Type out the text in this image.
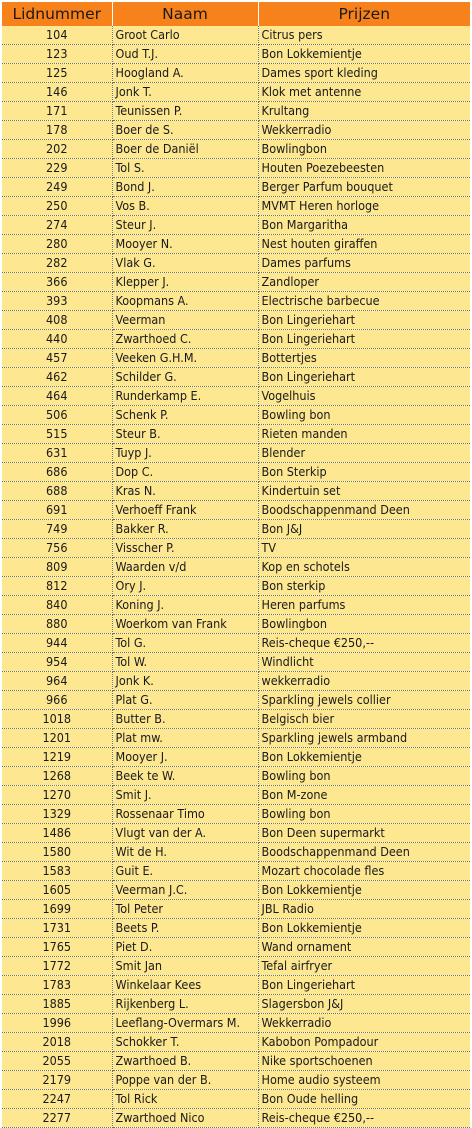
Lidnummer	Naam	Prijzen
104	Groot Carlo	Citrus pers
123	Oud T.J.	Bon Lokkemientje
125	Hoogland A.	Dames sport kleding
146	Jonk T.	Klok met antenne
171	Teunissen P.	Krultang
178	Boer de S.	Wekkerradio
202	Boer de Daniël	Bowlingbon
229	Tol S.	Houten Poezebeesten
249	Bond J.	Berger Parfum bouquet
250	Vos B.	MVMT Heren horloge
274	Steur J.	Bon Margaritha
280	Mooyer N.	Nest houten giraffen
282	Vlak G.	Dames parfums
366	Klepper J.	Zandloper
393	Koopmans A.	Electrische barbecue
408	Veerman	Bon Lingeriehart
440	Zwarthoed C.	Bon Lingeriehart
457	Veeken G.H.M.	Bottertjes
462	Schilder G.	Bon Lingeriehart
464	Runderkamp E.	Vogelhuis
506	Schenk P.	Bowling bon
515	Steur B.	Rieten manden
631	Tuyp J.	Blender
686	Dop C.	Bon Sterkip
688	Kras N.	Kindertuin set
691	Verhoeff Frank	Boodschappenmand Deen
749	Bakker R.	Bon J&J
756	Visscher P.	TV
809	Waarden v/d	Kop en schotels
812	Ory J.	Bon sterkip
840	Koning J.	Heren parfums
880	Woerkom van Frank	Bowlingbon
944	Tol G.	Reis-cheque €250,--
954	Tol W.	Windlicht
964	Jonk K.	wekkerradio
966	Plat G.	Sparkling jewels collier
1018	Butter B.	Belgisch bier
1201	Plat mw.	Sparkling jewels armband
1219	Mooyer J.	Bon Lokkemientje
1268	Beek te W.	Bowling bon
1270	Smit J.	Bon M-zone
1329	Rossenaar Timo	Bowling bon
1486	Vlugt van der A.	Bon Deen supermarkt
1580	Wit de H.	Boodschappenmand Deen
1583	Guit E.	Mozart chocolade fles
1605	Veerman J.C.	Bon Lokkemientje
1699	Tol Peter	JBL Radio
1731	Beets P.	Bon Lokkemientje
1765	Piet D.	Wand ornament
1772	Smit Jan	Tefal airfryer
1783	Winkelaar Kees	Bon Lingeriehart
1885	Rijkenberg L.	Slagersbon J&J
1996	Leeflang-Overmars M.	Wekkerradio
2018	Schokker T.	Kabobon Pompadour
2055	Zwarthoed B.	Nike sportschoenen
2179	Poppe van der B.	Home audio systeem
2247	Tol Rick	Bon Oude helling
2277	Zwarthoed Nico	Reis-cheque €250,--
